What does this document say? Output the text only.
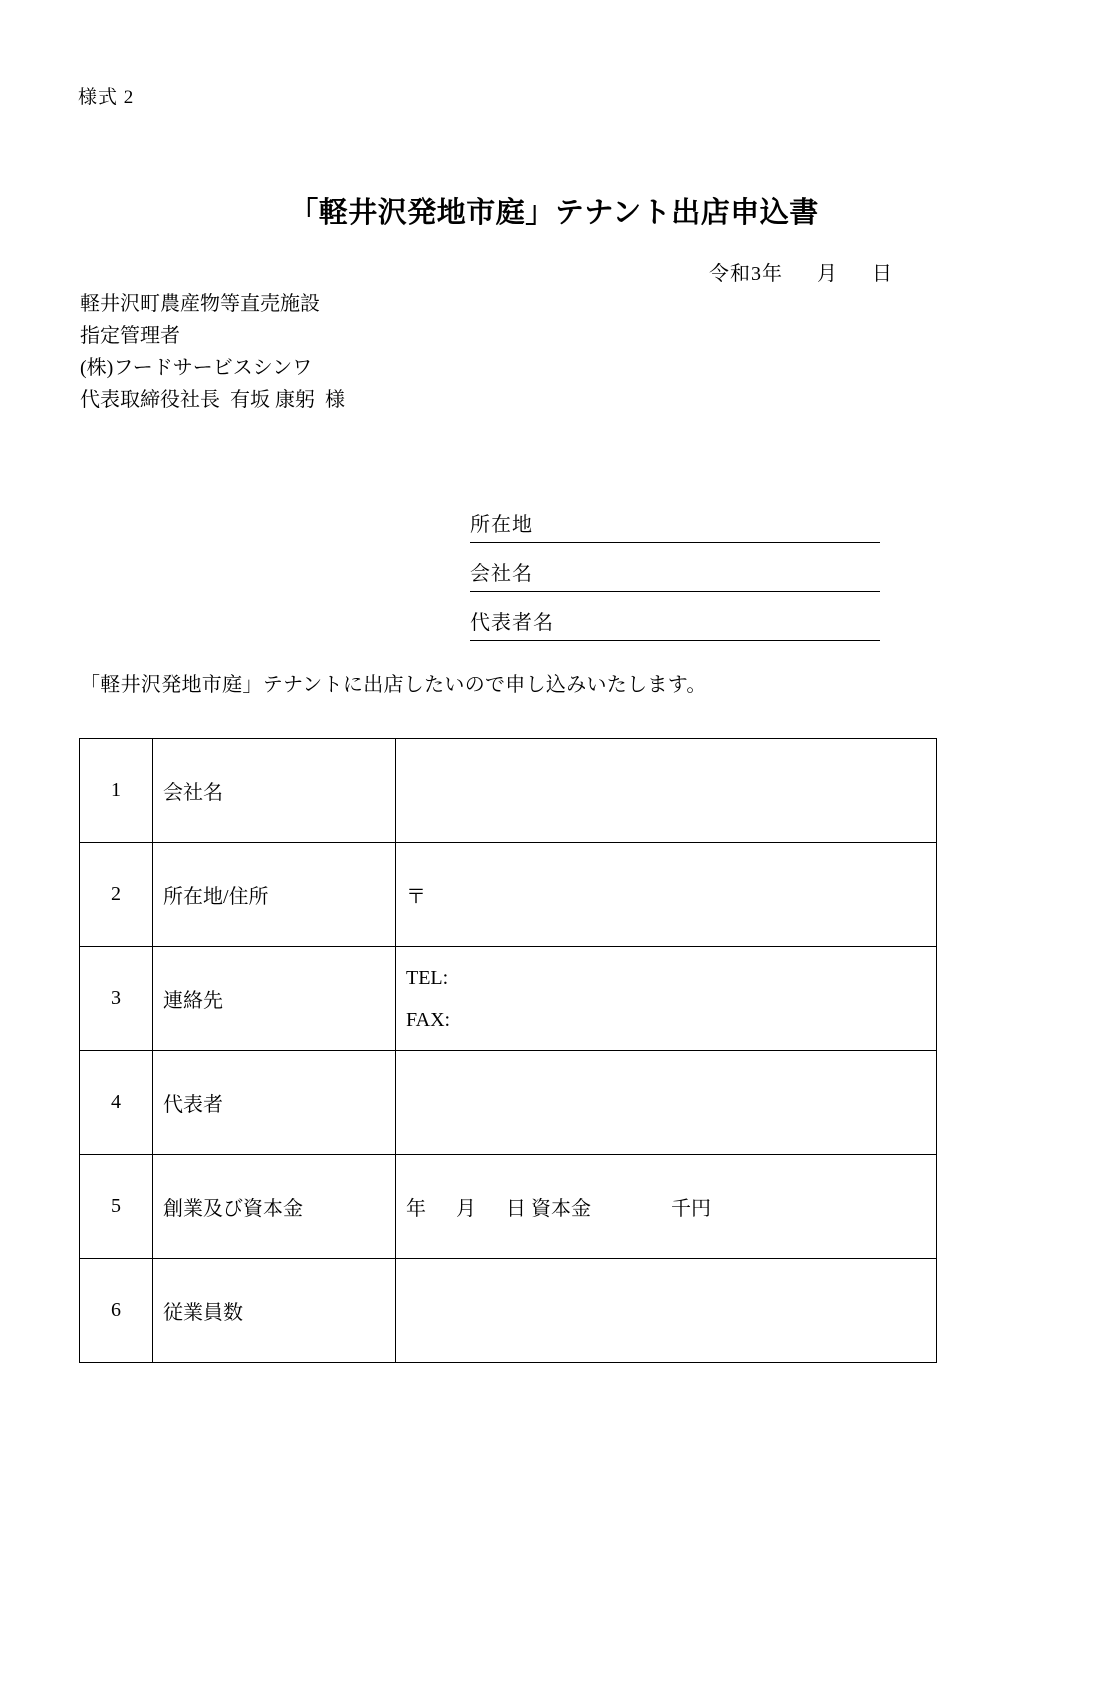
様式 2
「軽井沢発地市庭」テナント出店申込書
令和3年 月 日
軽井沢町農産物等直売施設
指定管理者
(株)フードサービスシンワ
代表取締役社長  有坂 康躬  様
所在地
会社名
代表者名
「軽井沢発地市庭」テナントに出店したいので申し込みいたします。
1	会社名	
2	所在地/住所	〒
3	連絡先	TEL:
FAX:

4	代表者	
5	創業及び資本金	年      月      日 資本金                千円
6	従業員数	
